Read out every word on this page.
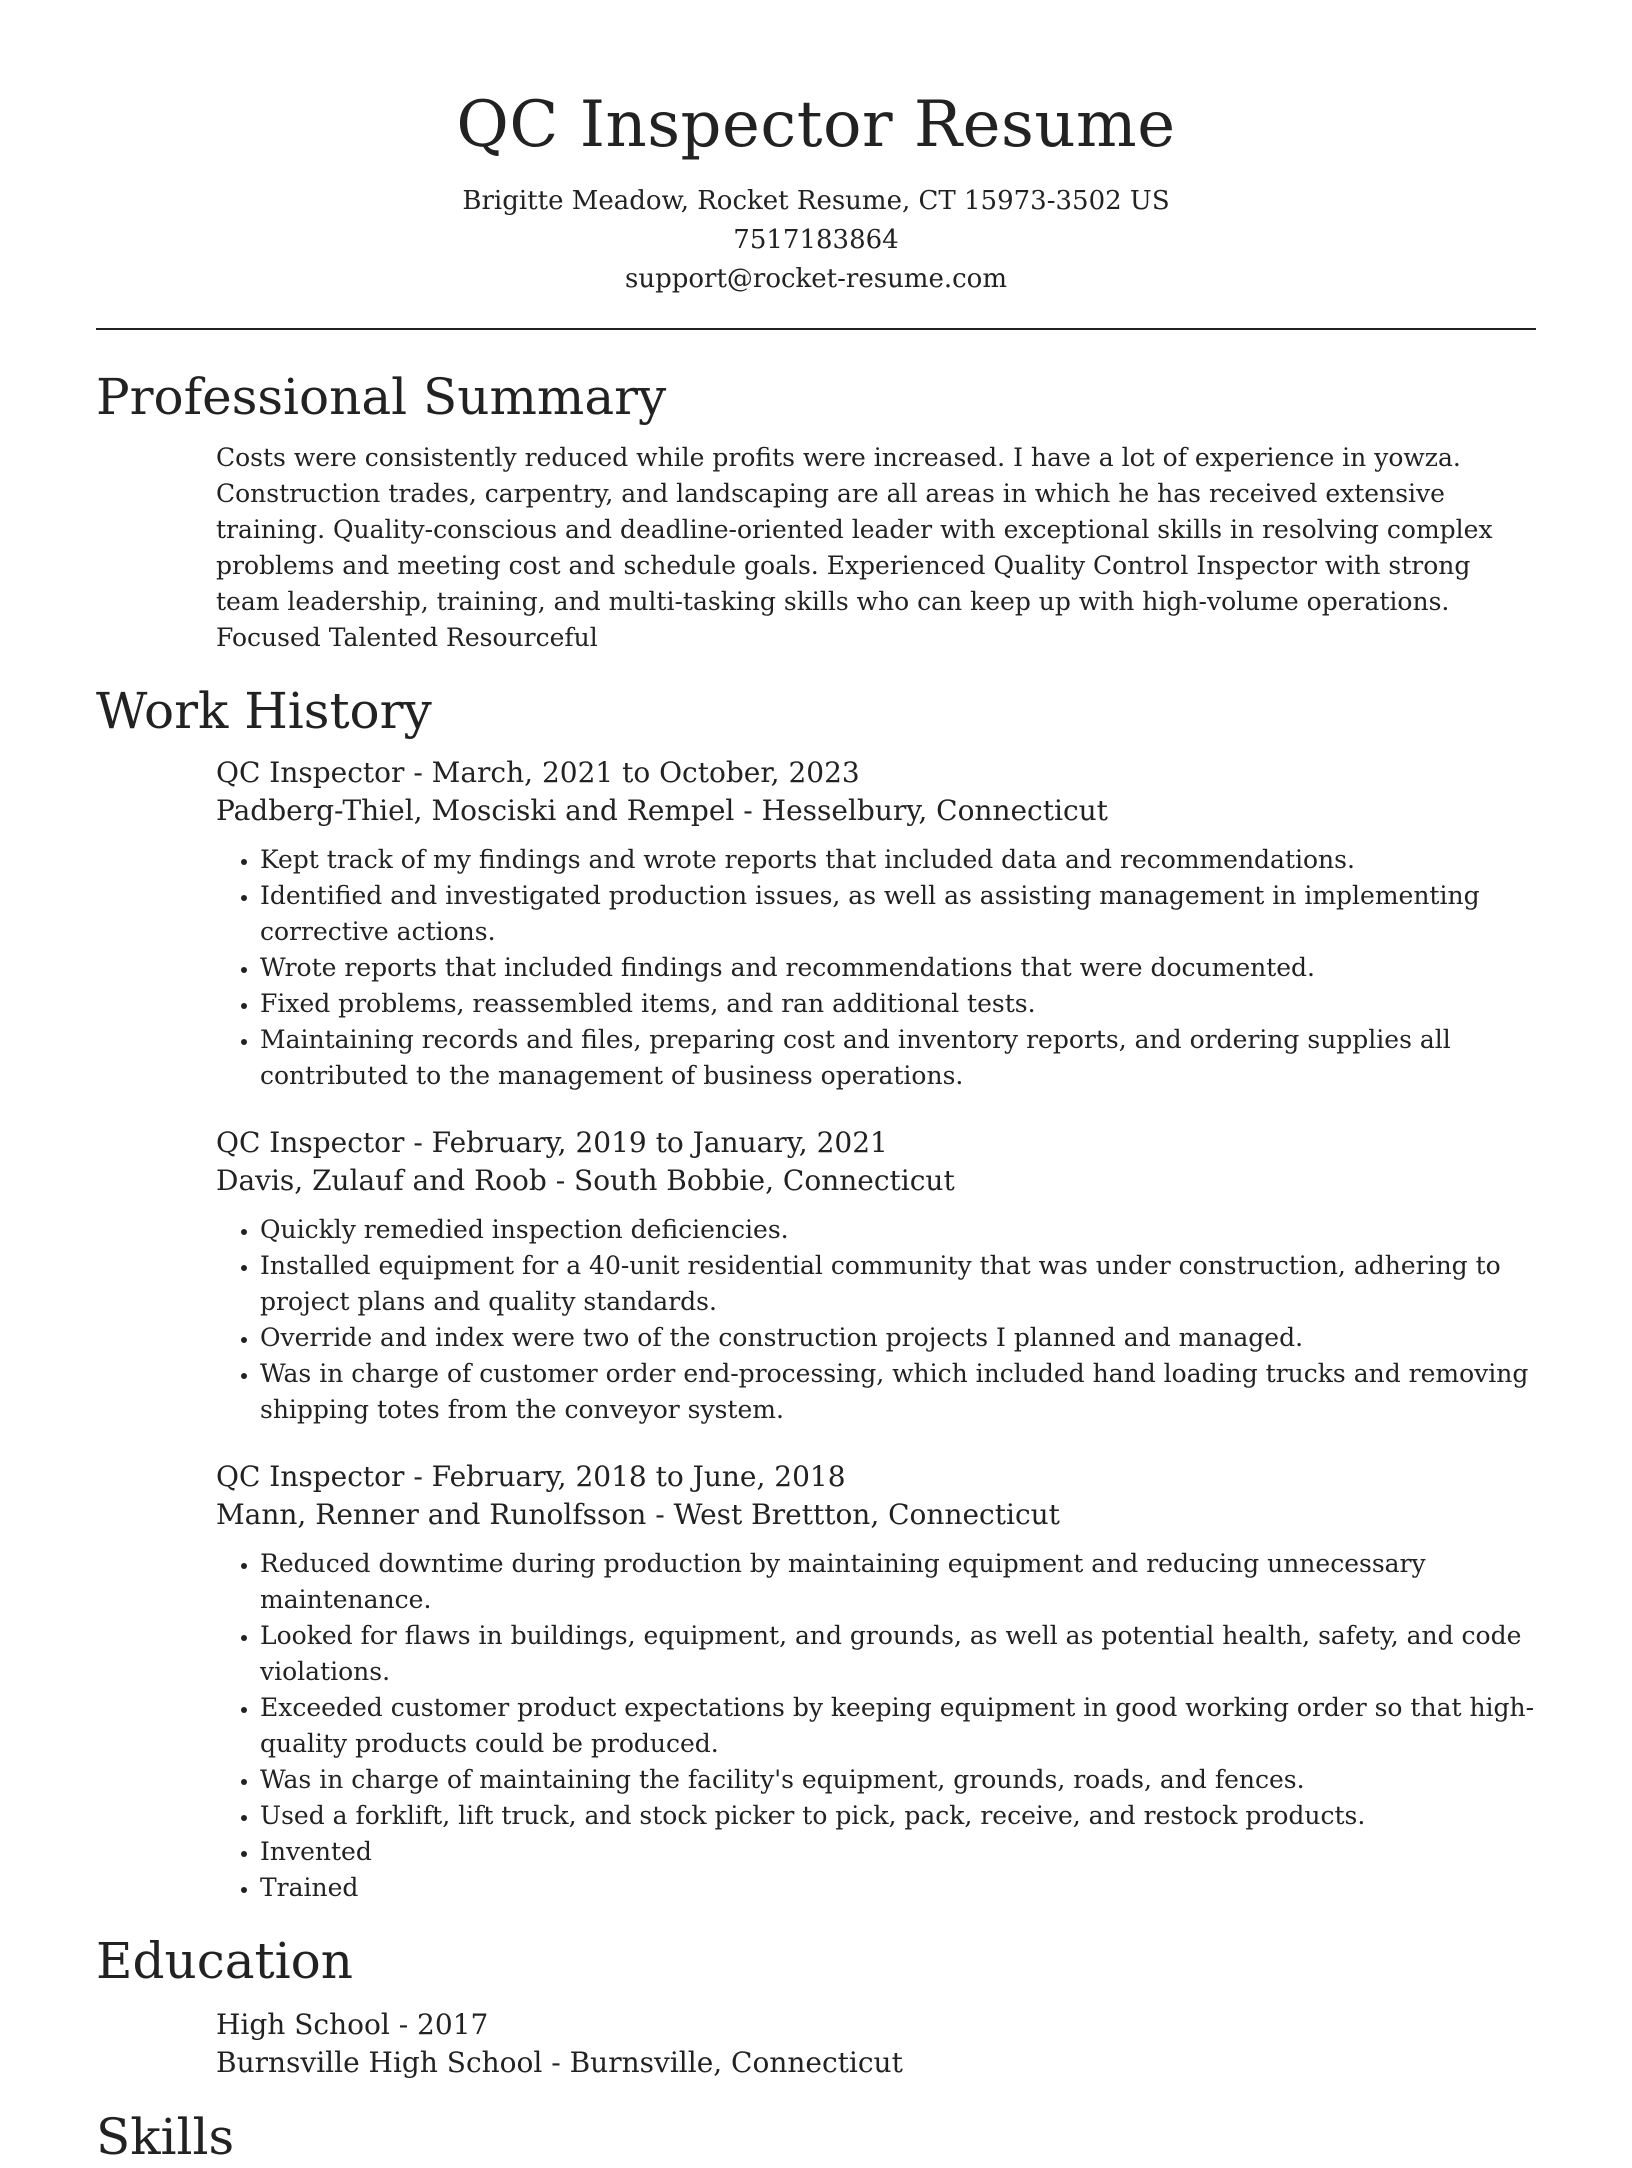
QC Inspector Resume

Brigitte Meadow, Rocket Resume, CT 15973-3502 US

7517183864

support@rocket-resume.com

Professional Summary

Costs were consistently reduced while profits were increased. I have a lot of experience in yowza. Construction trades, carpentry, and landscaping are all areas in which he has received extensive training. Quality-conscious and deadline-oriented leader with exceptional skills in resolving complex problems and meeting cost and schedule goals. Experienced Quality Control Inspector with strong team leadership, training, and multi-tasking skills who can keep up with high-volume operations. Focused Talented Resourceful

Work History

QC Inspector - March, 2021 to October, 2023

Padberg-Thiel, Mosciski and Rempel - Hesselbury, Connecticut

• Kept track of my findings and wrote reports that included data and recommendations.
• Identified and investigated production issues, as well as assisting management in implementing corrective actions.
• Wrote reports that included findings and recommendations that were documented.
• Fixed problems, reassembled items, and ran additional tests.
• Maintaining records and files, preparing cost and inventory reports, and ordering supplies all contributed to the management of business operations.

QC Inspector - February, 2019 to January, 2021

Davis, Zulauf and Roob - South Bobbie, Connecticut

• Quickly remedied inspection deficiencies.
• Installed equipment for a 40-unit residential community that was under construction, adhering to project plans and quality standards.
• Override and index were two of the construction projects I planned and managed.
• Was in charge of customer order end-processing, which included hand loading trucks and removing shipping totes from the conveyor system.

QC Inspector - February, 2018 to June, 2018

Mann, Renner and Runolfsson - West Brettton, Connecticut

• Reduced downtime during production by maintaining equipment and reducing unnecessary maintenance.
• Looked for flaws in buildings, equipment, and grounds, as well as potential health, safety, and code violations.
• Exceeded customer product expectations by keeping equipment in good working order so that high-quality products could be produced.
• Was in charge of maintaining the facility's equipment, grounds, roads, and fences.
• Used a forklift, lift truck, and stock picker to pick, pack, receive, and restock products.
• Invented
• Trained
Education

High School - 2017

Burnsville High School - Burnsville, Connecticut

Skills
